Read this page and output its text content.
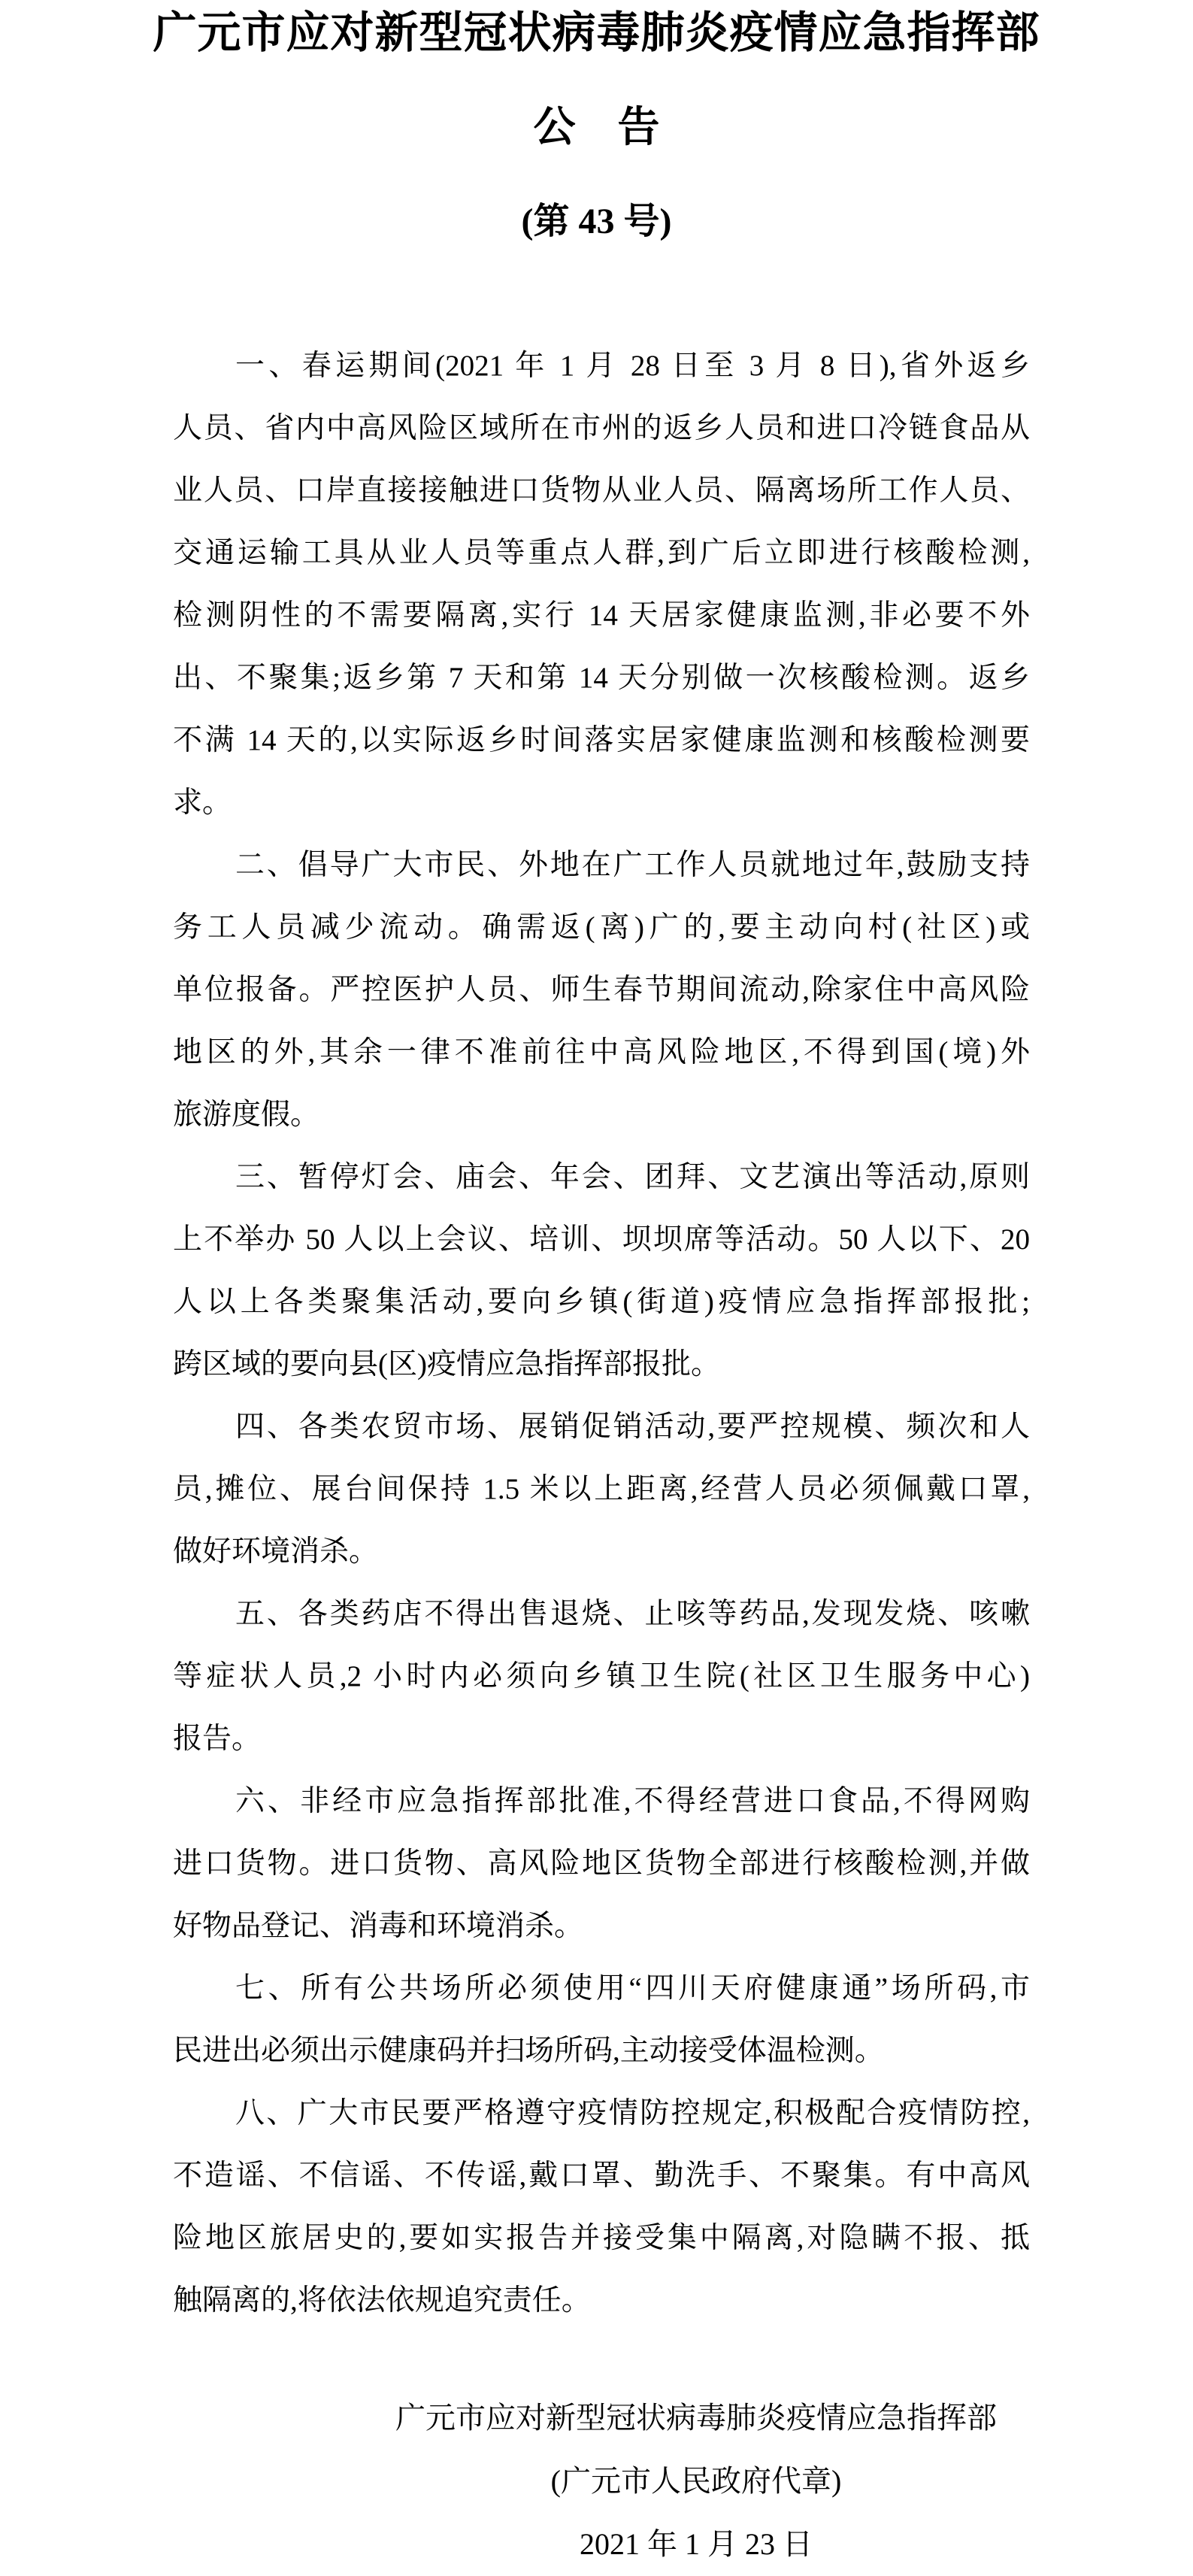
广元市应对新型冠状病毒肺炎疫情应急指挥部
公　告
(第 43 号)
一、春运期间(2021 年 1 月 28 日至 3 月 8 日),省外返乡
人员、省内中高风险区域所在市州的返乡人员和进口冷链食品从
业人员、口岸直接接触进口货物从业人员、隔离场所工作人员、
交通运输工具从业人员等重点人群,到广后立即进行核酸检测,
检测阴性的不需要隔离,实行 14 天居家健康监测,非必要不外
出、不聚集;返乡第 7 天和第 14 天分别做一次核酸检测。返乡
不满 14 天的,以实际返乡时间落实居家健康监测和核酸检测要
求。
二、倡导广大市民、外地在广工作人员就地过年,鼓励支持
务工人员减少流动。确需返(离)广的,要主动向村(社区)或
单位报备。严控医护人员、师生春节期间流动,除家住中高风险
地区的外,其余一律不准前往中高风险地区,不得到国(境)外
旅游度假。
三、暂停灯会、庙会、年会、团拜、文艺演出等活动,原则
上不举办 50 人以上会议、培训、坝坝席等活动。50 人以下、20
人以上各类聚集活动,要向乡镇(街道)疫情应急指挥部报批;
跨区域的要向县(区)疫情应急指挥部报批。
四、各类农贸市场、展销促销活动,要严控规模、频次和人
员,摊位、展台间保持 1.5 米以上距离,经营人员必须佩戴口罩,
做好环境消杀。
五、各类药店不得出售退烧、止咳等药品,发现发烧、咳嗽
等症状人员,2 小时内必须向乡镇卫生院(社区卫生服务中心)
报告。
六、非经市应急指挥部批准,不得经营进口食品,不得网购
进口货物。进口货物、高风险地区货物全部进行核酸检测,并做
好物品登记、消毒和环境消杀。
七、所有公共场所必须使用“四川天府健康通”场所码,市
民进出必须出示健康码并扫场所码,主动接受体温检测。
八、广大市民要严格遵守疫情防控规定,积极配合疫情防控,
不造谣、不信谣、不传谣,戴口罩、勤洗手、不聚集。有中高风
险地区旅居史的,要如实报告并接受集中隔离,对隐瞒不报、抵
触隔离的,将依法依规追究责任。
广元市应对新型冠状病毒肺炎疫情应急指挥部
(广元市人民政府代章)
2021 年 1 月 23 日
